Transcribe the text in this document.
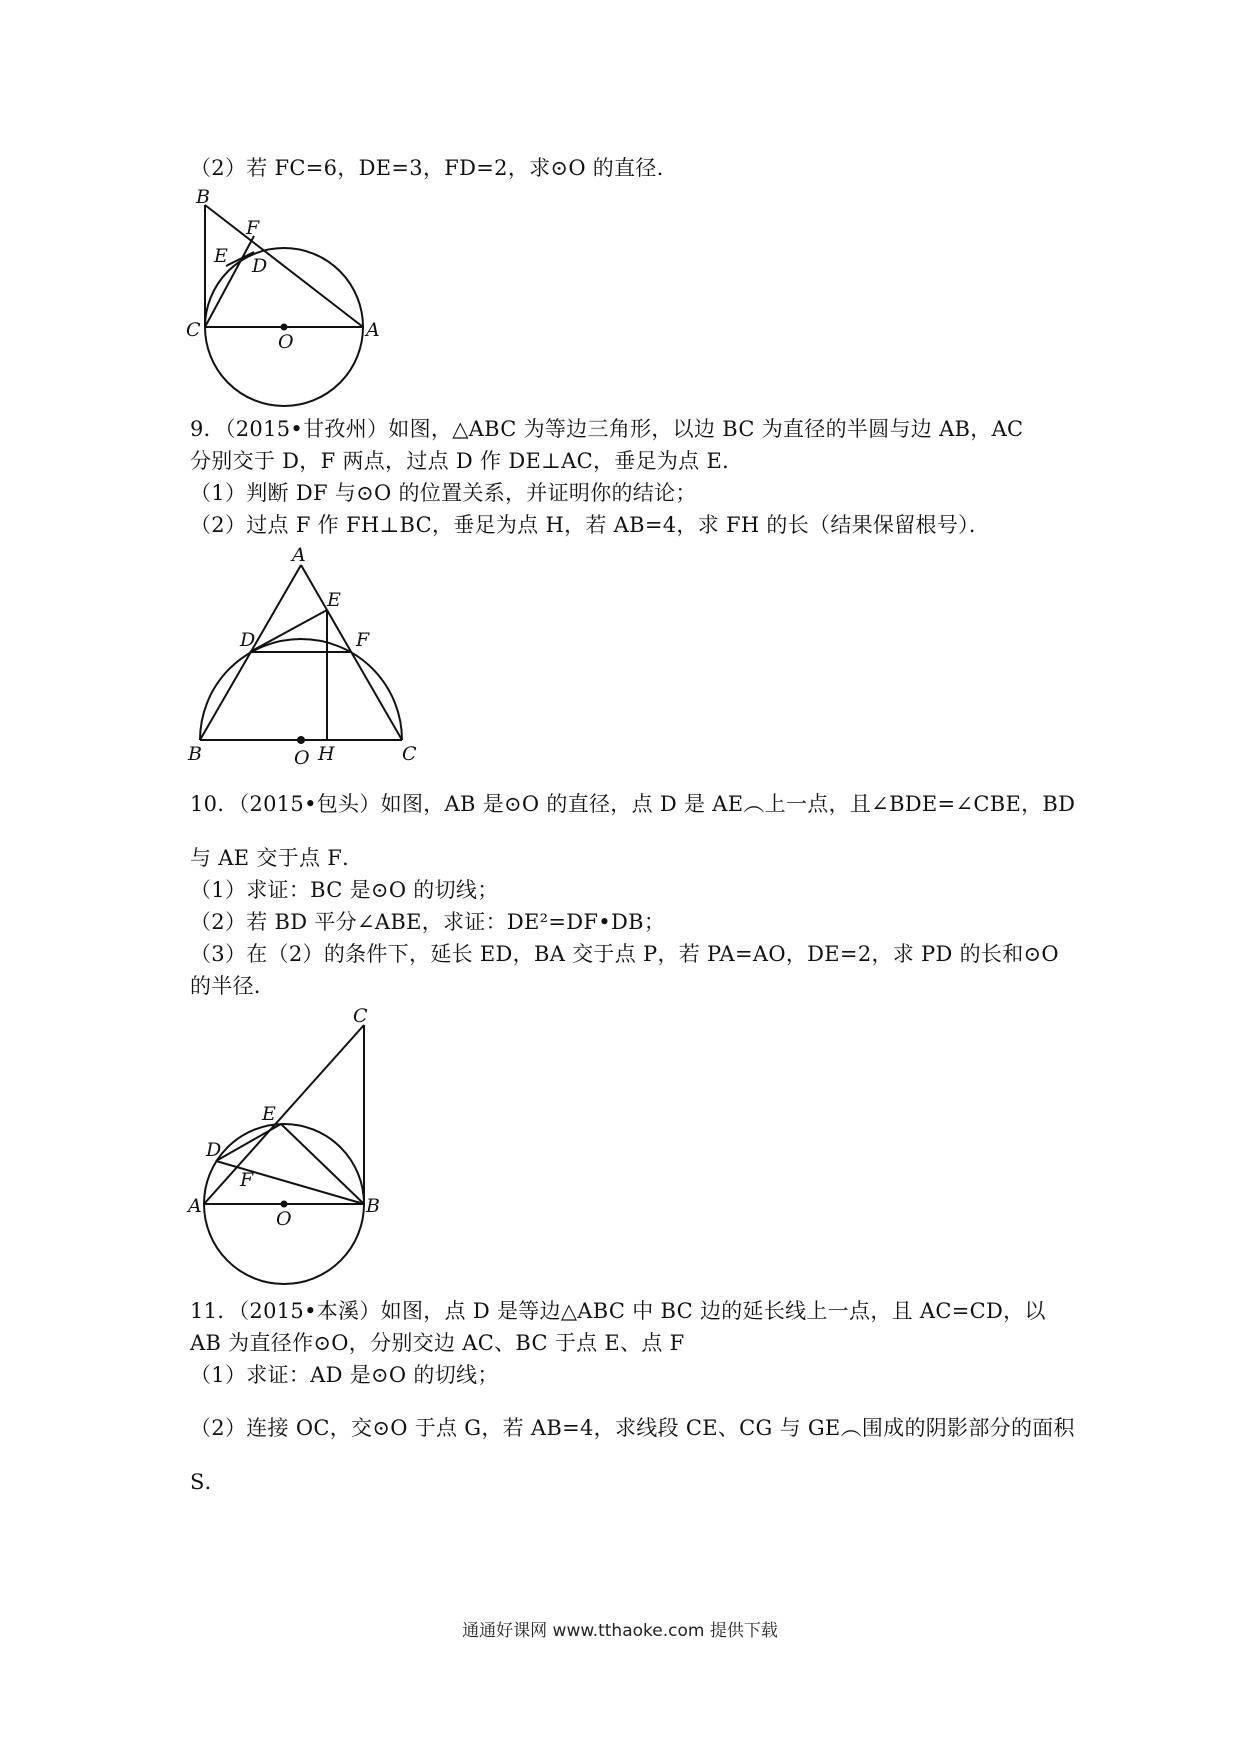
（2）若 FC=6，DE=3，FD=2，求⊙O 的直径．
B
F
E D
C
O
A
9．（2015•甘孜州）如图，△ABC 为等边三角形，以边 BC 为直径的半圆与边 AB，AC
分别交于 D，F 两点，过点 D 作 DE⊥AC，垂足为点 E．
（1）判断 DF 与⊙O 的位置关系，并证明你的结论；
（2）过点 F 作 FH⊥BC，垂足为点 H，若 AB=4，求 FH 的长（结果保留根号）．
A
E
D	F
B	O H	C
10．（2015•包头）如图，AB 是⊙O 的直径，点 D 是 AE︵上一点，且∠BDE=∠CBE，BD
与 AE 交于点 F．
（1）求证：BC 是⊙O 的切线；
（2）若 BD 平分∠ABE，求证：DE²=DF•DB；
（3）在（2）的条件下，延长 ED，BA 交于点 P，若 PA=AO，DE=2，求 PD 的长和⊙O
的半径．
C
E
D
F
A
O
B
11．（2015•本溪）如图，点 D 是等边△ABC 中 BC 边的延长线上一点，且 AC=CD，以
AB 为直径作⊙O，分别交边 AC、BC 于点 E、点 F
（1）求证：AD 是⊙O 的切线；
（2）连接 OC，交⊙O 于点 G，若 AB=4，求线段 CE、CG 与 GE︵围成的阴影部分的面积
S．
通通好课网 www.tthaoke.com 提供下载
